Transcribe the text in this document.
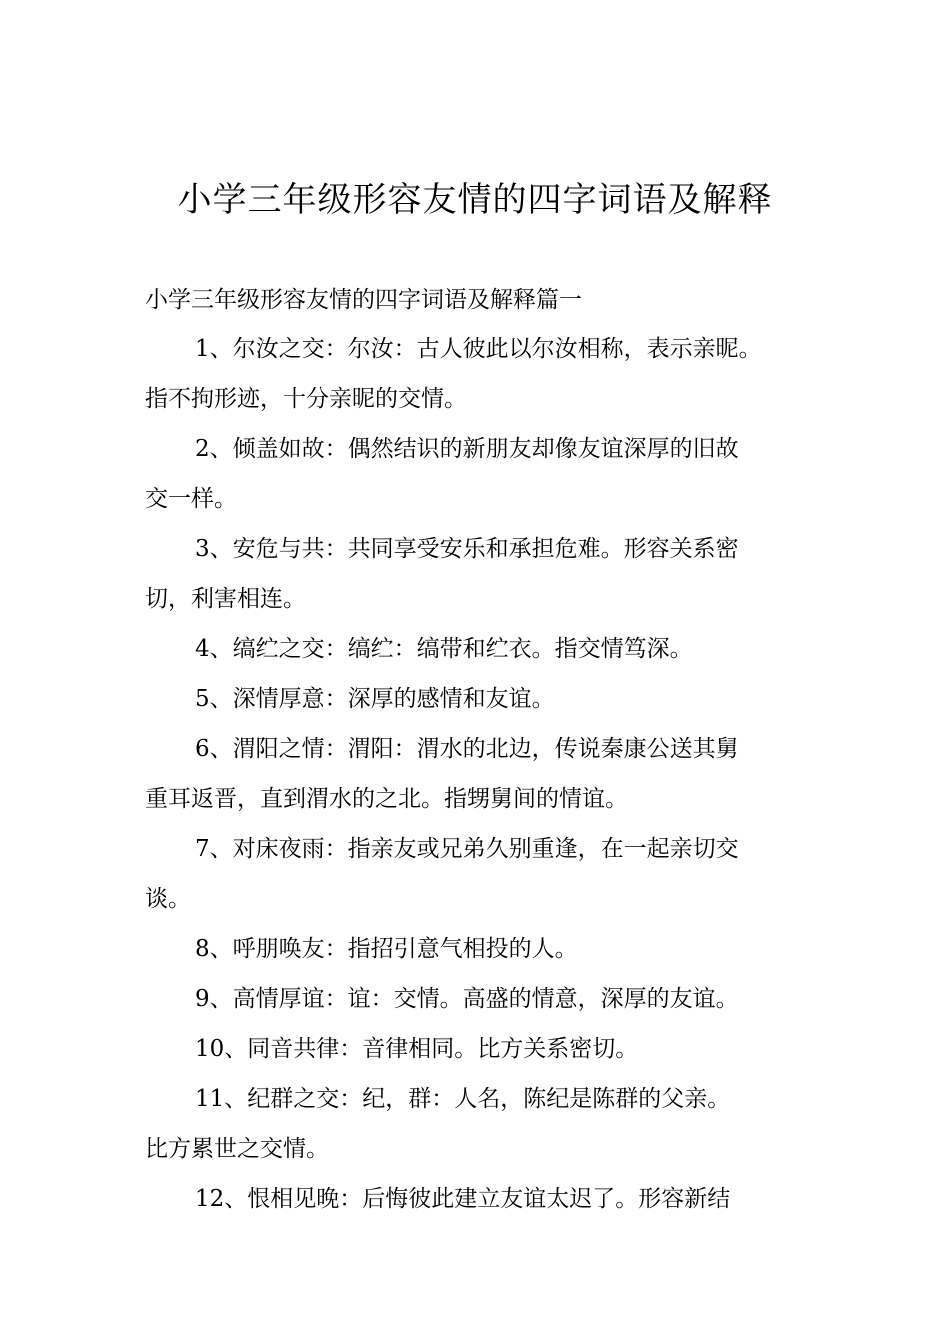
小学三年级形容友情的四字词语及解释
小学三年级形容友情的四字词语及解释篇一
1、尔汝之交：尔汝：古人彼此以尔汝相称，表示亲昵。
指不拘形迹，十分亲昵的交情。
2、倾盖如故：偶然结识的新朋友却像友谊深厚的旧故
交一样。
3、安危与共：共同享受安乐和承担危难。形容关系密
切，利害相连。
4、缟纻之交：缟纻：缟带和纻衣。指交情笃深。
5、深情厚意：深厚的感情和友谊。
6、渭阳之情：渭阳：渭水的北边，传说秦康公送其舅
重耳返晋，直到渭水的之北。指甥舅间的情谊。
7、对床夜雨：指亲友或兄弟久别重逢，在一起亲切交
谈。
8、呼朋唤友：指招引意气相投的人。
9、高情厚谊：谊：交情。高盛的情意，深厚的友谊。
10、同音共律：音律相同。比方关系密切。
11、纪群之交：纪，群：人名，陈纪是陈群的父亲。
比方累世之交情。
12、恨相见晚：后悔彼此建立友谊太迟了。形容新结
